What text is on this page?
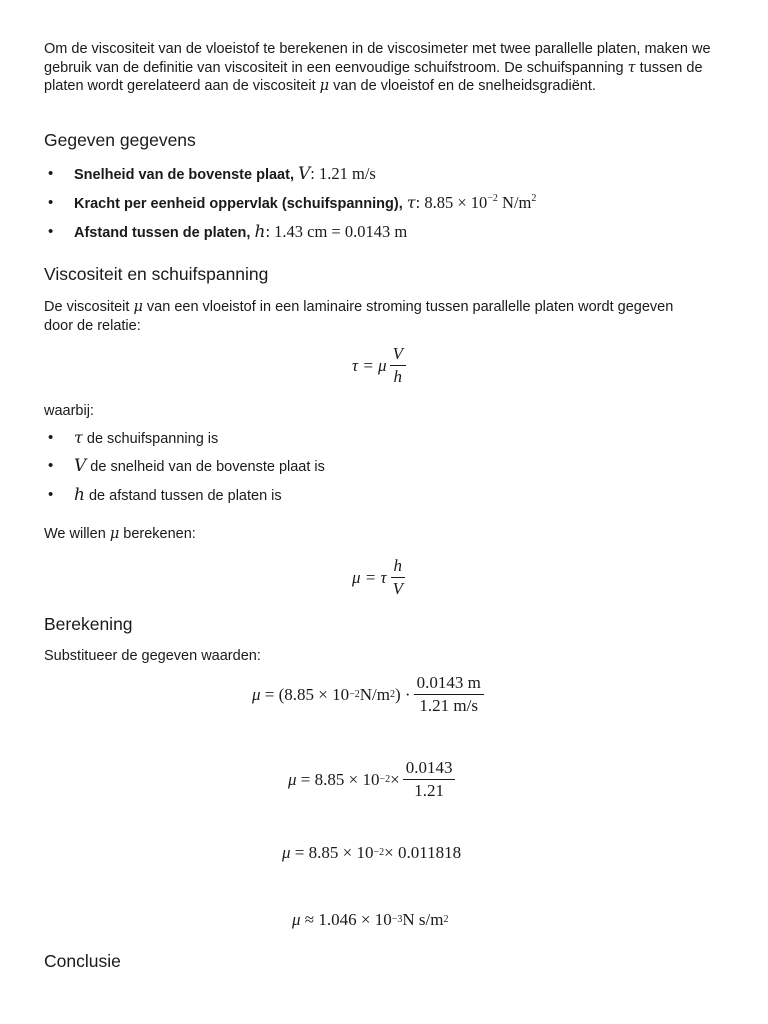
Om de viscositeit van de vloeistof te berekenen in de viscosimeter met twee parallelle platen, maken we gebruik van de definitie van viscositeit in een eenvoudige schuifstroom. De schuifspanning τ tussen de platen wordt gerelateerd aan de viscositeit μ van de vloeistof en de snelheidsgradiënt.

Gegeven gegevens
• Snelheid van de bovenste plaat, V: 1.21 m/s
• Kracht per eenheid oppervlak (schuifspanning), τ: $8.85 \times 10^{-2}$ $N/m^2$
• Afstand tussen de platen, h: 1.43 cm = 0.0143 m
Viscositeit en schuifspanning

De viscositeit μ van een vloeistof in een laminaire stroming tussen parallelle platen wordt gegeven door de relatie:

τ = μ $\frac{V}{h}$

waarbij:

• τ de schuifspanning is
• V de snelheid van de bovenste plaat is
• h de afstand tussen de platen is

We willen μ berekenen:

μ = τ $\frac{h}{V}$
Berekening

Substitueer de gegeven waarden:

μ = (8.85 × 10 −2 N/m 2 ) · $\frac{0.0143 m}{1.21 m/s}$
$\mu = 8.85 \times 10 -2 \times \frac{0.0143}{1.21}$
μ = 8.85 × 10 −2 × 0.011818
μ ≈ 1.046 × 10 −3 N s/m 2
Conclusie
